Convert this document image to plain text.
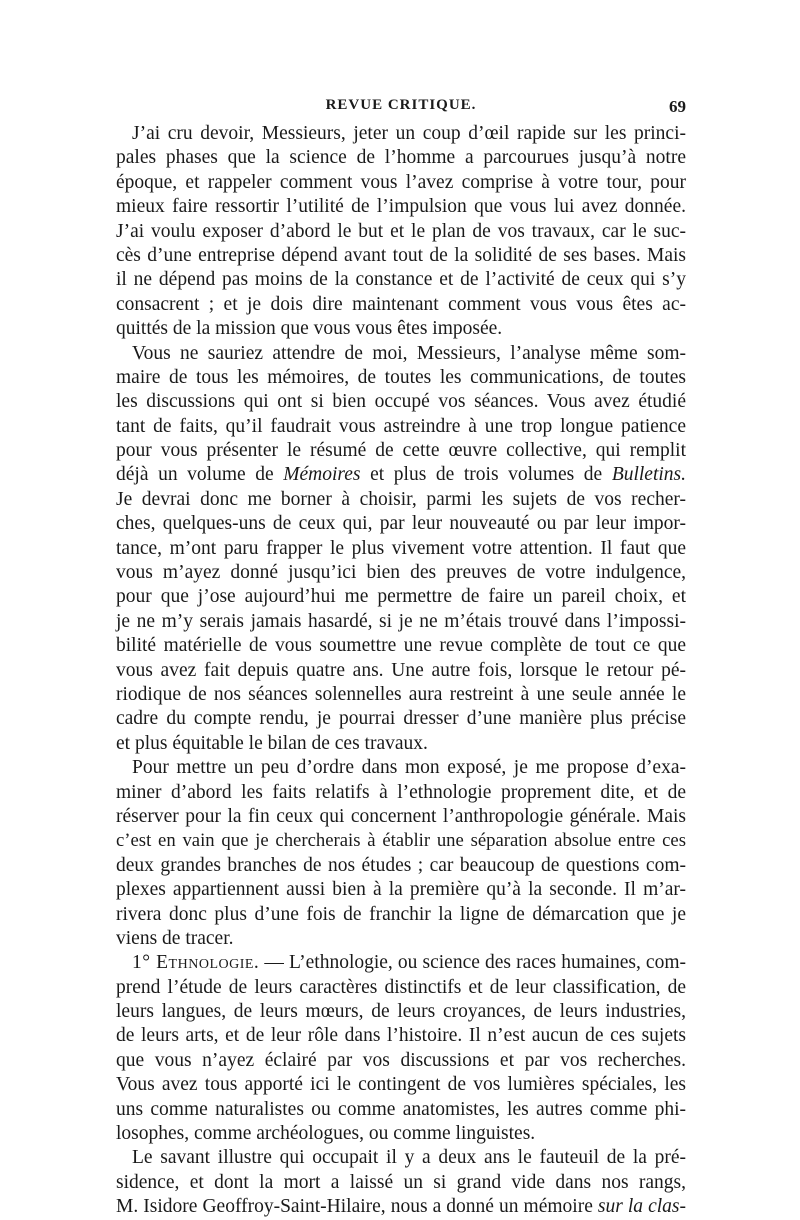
REVUE CRITIQUE.	69
J’ai cru devoir, Messieurs, jeter un coup d’œil rapide sur les princi-
pales phases que la science de l’homme a parcourues jusqu’à notre
époque, et rappeler comment vous l’avez comprise à votre tour, pour
mieux faire ressortir l’utilité de l’impulsion que vous lui avez donnée.
J’ai voulu exposer d’abord le but et le plan de vos travaux, car le suc-
cès d’une entreprise dépend avant tout de la solidité de ses bases. Mais
il ne dépend pas moins de la constance et de l’activité de ceux qui s’y
consacrent ; et je dois dire maintenant comment vous vous êtes ac-
quittés de la mission que vous vous êtes imposée.
Vous ne sauriez attendre de moi, Messieurs, l’analyse même som-
maire de tous les mémoires, de toutes les communications, de toutes
les discussions qui ont si bien occupé vos séances. Vous avez étudié
tant de faits, qu’il faudrait vous astreindre à une trop longue patience
pour vous présenter le résumé de cette œuvre collective, qui remplit
déjà un volume de Mémoires et plus de trois volumes de Bulletins.
Je devrai donc me borner à choisir, parmi les sujets de vos recher-
ches, quelques-uns de ceux qui, par leur nouveauté ou par leur impor-
tance, m’ont paru frapper le plus vivement votre attention. Il faut que
vous m’ayez donné jusqu’ici bien des preuves de votre indulgence,
pour que j’ose aujourd’hui me permettre de faire un pareil choix, et
je ne m’y serais jamais hasardé, si je ne m’étais trouvé dans l’impossi-
bilité matérielle de vous soumettre une revue complète de tout ce que
vous avez fait depuis quatre ans. Une autre fois, lorsque le retour pé-
riodique de nos séances solennelles aura restreint à une seule année le
cadre du compte rendu, je pourrai dresser d’une manière plus précise
et plus équitable le bilan de ces travaux.
Pour mettre un peu d’ordre dans mon exposé, je me propose d’exa-
miner d’abord les faits relatifs à l’ethnologie proprement dite, et de
réserver pour la fin ceux qui concernent l’anthropologie générale. Mais
c’est en vain que je chercherais à établir une séparation absolue entre ces
deux grandes branches de nos études ; car beaucoup de questions com-
plexes appartiennent aussi bien à la première qu’à la seconde. Il m’ar-
rivera donc plus d’une fois de franchir la ligne de démarcation que je
viens de tracer.
1° Ethnologie. — L’ethnologie, ou science des races humaines, com-
prend l’étude de leurs caractères distinctifs et de leur classification, de
leurs langues, de leurs mœurs, de leurs croyances, de leurs industries,
de leurs arts, et de leur rôle dans l’histoire. Il n’est aucun de ces sujets
que vous n’ayez éclairé par vos discussions et par vos recherches.
Vous avez tous apporté ici le contingent de vos lumières spéciales, les
uns comme naturalistes ou comme anatomistes, les autres comme phi-
losophes, comme archéologues, ou comme linguistes.
Le savant illustre qui occupait il y a deux ans le fauteuil de la pré-
sidence, et dont la mort a laissé un si grand vide dans nos rangs,
M. Isidore Geoffroy-Saint-Hilaire, nous a donné un mémoire sur la clas-
